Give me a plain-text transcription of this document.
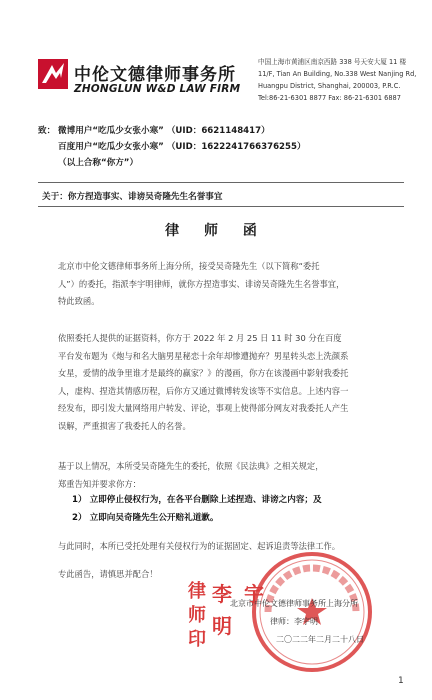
中伦文德律师事务所
ZHONGLUN W&D LAW FIRM
中国上海市黄浦区南京西路 338 号天安大厦 11 楼
11/F, Tian An Building, No.338 West Nanjing Rd,
Huangpu District, Shanghai, 200003, P.R.C.
Tel:86-21-6301 8877 Fax: 86-21-6301 6887
致： 微博用户“吃瓜少女张小寒” （UID：6621148417）
百度用户“吃瓜少女张小寒” （UID：1622241766376255）
（以上合称“你方”）
关于：你方捏造事实、诽谤吴奇隆先生名誉事宜
律 师 函
北京市中伦文德律师事务所上海分所，接受吴奇隆先生（以下简称“委托
人”）的委托，指派李宇明律师，就你方捏造事实、诽谤吴奇隆先生名誉事宜，
特此致函。
依照委托人提供的证据资料，你方于 2022 年 2 月 25 日 11 时 30 分在百度
平台发布题为《炮与和名大脑男星秘恋十余年却惨遭抛弃？男星转头恋上洗颜系
女星，爱情的战争里谁才是最终的赢家？》的漫画，你方在该漫画中影射我委托
人，虚构、捏造其情感历程，后你方又通过微博转发该等不实信息。上述内容一
经发布，即引发大量网络用户转发、评论，事观上使得部分网友对我委托人产生
误解，严重损害了我委托人的名誉。
基于以上情况，本所受吴奇隆先生的委托，依照《民法典》之相关规定，
郑重告知并要求你方：
1） 立即停止侵权行为，在各平台删除上述捏造、诽谤之内容；及
2） 立即向吴奇隆先生公开赔礼道歉。
与此同时，本所已受托处理有关侵权行为的证据固定、起诉追责等法律工作。
专此函告，请慎思并配合！
北京市中伦文德律师事务所上海分所
律师：李宇明
二〇二二年二月二十八日
律
师
印
李 宇
明
1
